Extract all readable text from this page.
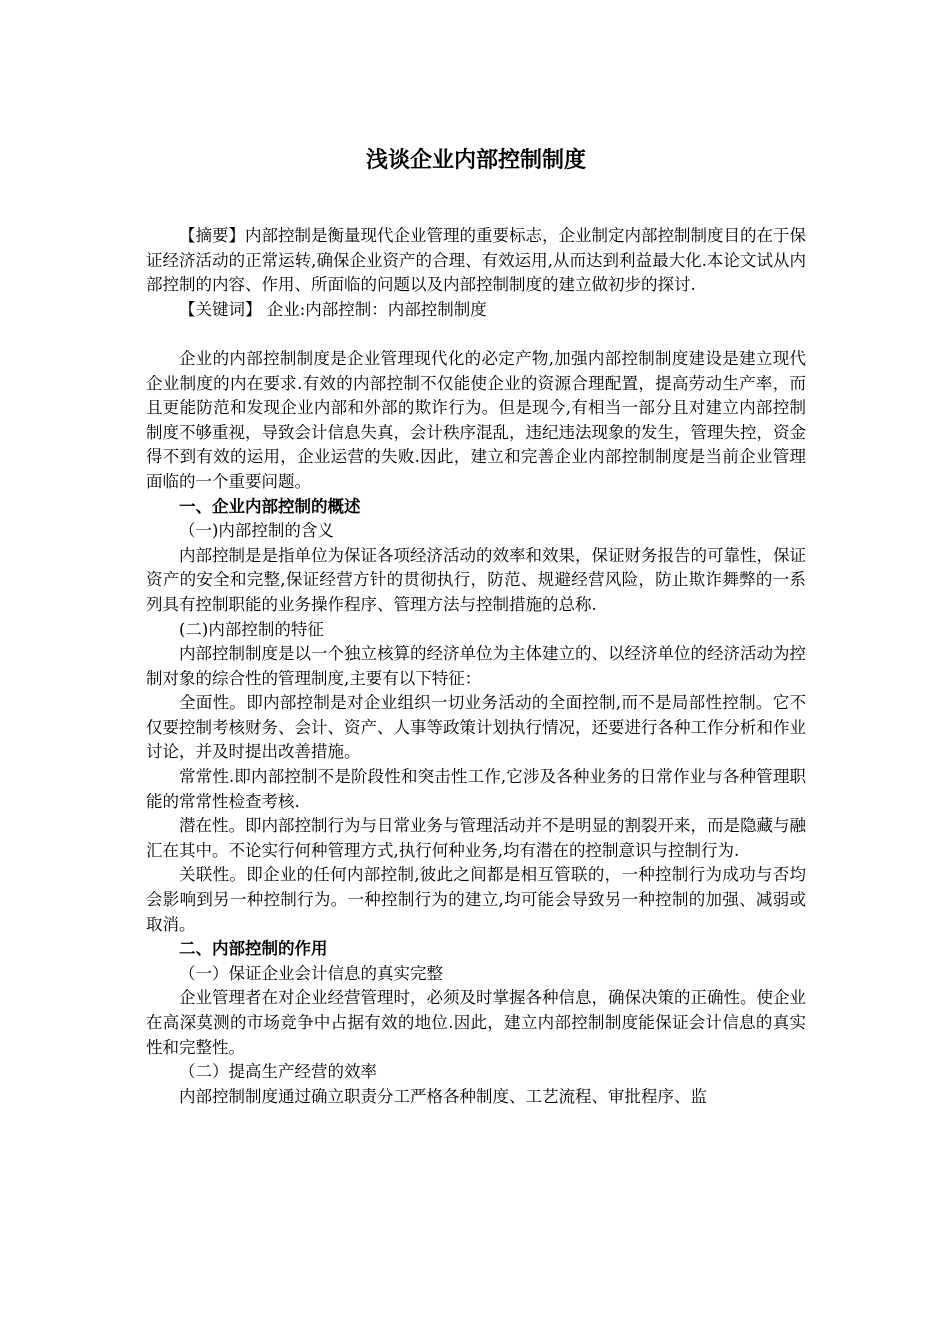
浅谈企业内部控制制度

【摘要】内部控制是衡量现代企业管理的重要标志，企业制定内部控制制度目的在于保证经济活动的正常运转,确保企业资产的合理、有效运用,从而达到利益最大化.本论文试从内部控制的内容、作用、所面临的问题以及内部控制制度的建立做初步的探讨.

【关键词】 企业:内部控制：内部控制制度

企业的内部控制制度是企业管理现代化的必定产物,加强内部控制制度建设是建立现代企业制度的内在要求.有效的内部控制不仅能使企业的资源合理配置，提高劳动生产率，而且更能防范和发现企业内部和外部的欺诈行为。但是现今,有相当一部分且对建立内部控制制度不够重视，导致会计信息失真，会计秩序混乱，违纪违法现象的发生，管理失控，资金得不到有效的运用，企业运营的失败.因此，建立和完善企业内部控制制度是当前企业管理面临的一个重要问题。

一、企业内部控制的概述

（一)内部控制的含义

内部控制是是指单位为保证各项经济活动的效率和效果，保证财务报告的可靠性，保证资产的安全和完整,保证经营方针的贯彻执行，防范、规避经营风险，防止欺诈舞弊的一系列具有控制职能的业务操作程序、管理方法与控制措施的总称.

(二)内部控制的特征

内部控制制度是以一个独立核算的经济单位为主体建立的、以经济单位的经济活动为控制对象的综合性的管理制度,主要有以下特征：

全面性。即内部控制是对企业组织一切业务活动的全面控制,而不是局部性控制。它不仅要控制考核财务、会计、资产、人事等政策计划执行情况，还要进行各种工作分析和作业讨论，并及时提出改善措施。

常常性.即内部控制不是阶段性和突击性工作,它涉及各种业务的日常作业与各种管理职能的常常性检查考核.

潜在性。即内部控制行为与日常业务与管理活动并不是明显的割裂开来，而是隐藏与融汇在其中。不论实行何种管理方式,执行何种业务,均有潜在的控制意识与控制行为.

关联性。即企业的任何内部控制,彼此之间都是相互管联的，一种控制行为成功与否均会影响到另一种控制行为。一种控制行为的建立,均可能会导致另一种控制的加强、减弱或取消。

二、内部控制的作用

（一）保证企业会计信息的真实完整

企业管理者在对企业经营管理时，必须及时掌握各种信息，确保决策的正确性。使企业在高深莫测的市场竞争中占据有效的地位.因此，建立内部控制制度能保证会计信息的真实性和完整性。

（二）提高生产经营的效率

内部控制制度通过确立职责分工严格各种制度、工艺流程、审批程序、监
